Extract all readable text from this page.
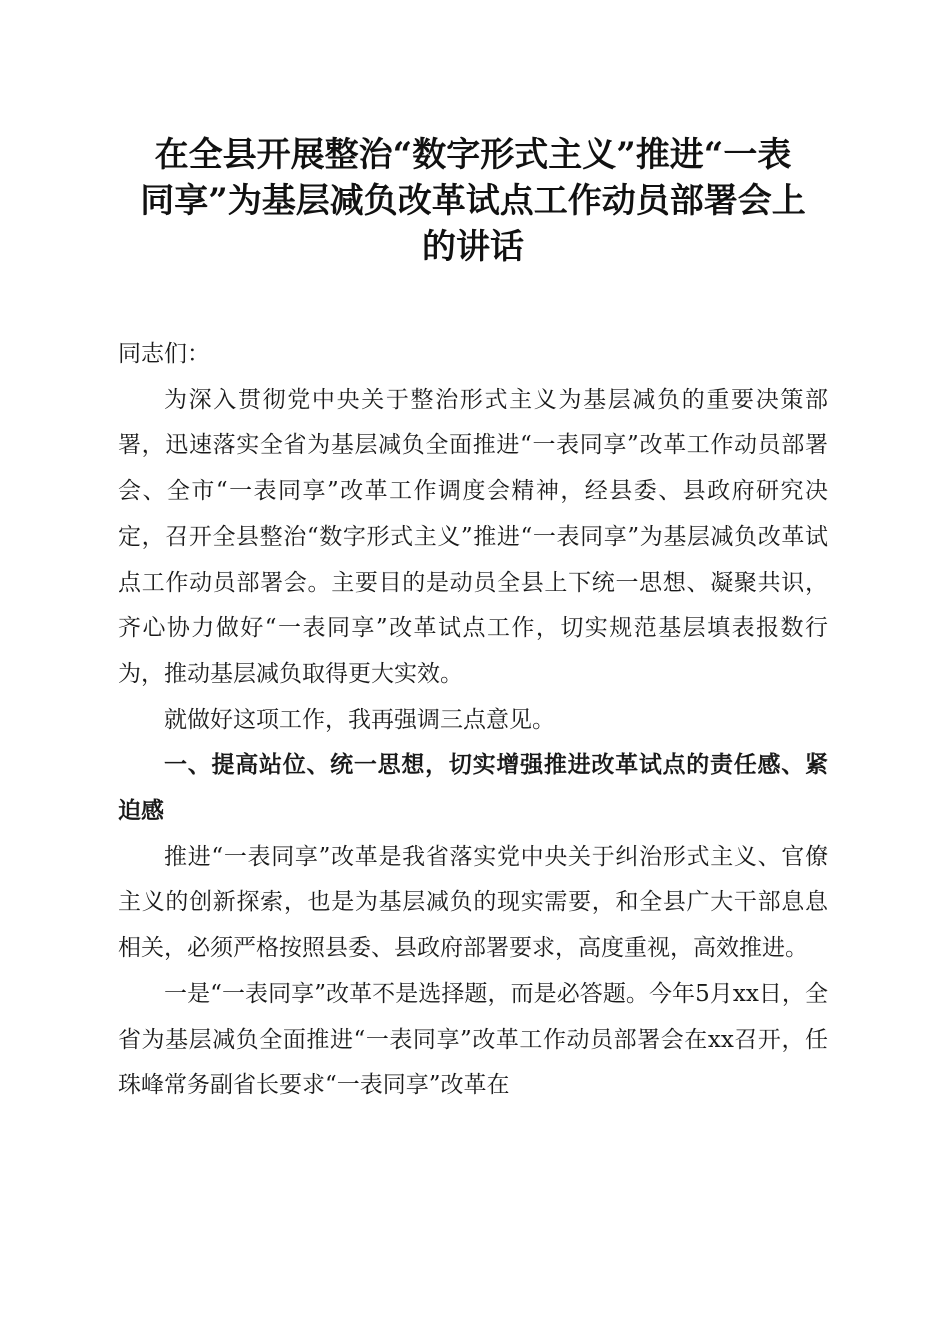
在全县开展整治“数字形式主义”推进“一表
同享”为基层减负改革试点工作动员部署会上
的讲话

同志们：

为深入贯彻党中央关于整治形式主义为基层减负的重要决策部署，迅速落实全省为基层减负全面推进“一表同享”改革工作动员部署会、全市“一表同享”改革工作调度会精神，经县委、县政府研究决定，召开全县整治“数字形式主义”推进“一表同享”为基层减负改革试点工作动员部署会。主要目的是动员全县上下统一思想、凝聚共识，齐心协力做好“一表同享”改革试点工作，切实规范基层填表报数行为，推动基层减负取得更大实效。

就做好这项工作，我再强调三点意见。

一、提高站位、统一思想，切实增强推进改革试点的责任感、紧迫感

推进“一表同享”改革是我省落实党中央关于纠治形式主义、官僚主义的创新探索，也是为基层减负的现实需要，和全县广大干部息息相关，必须严格按照县委、县政府部署要求，高度重视，高效推进。

一是“一表同享”改革不是选择题，而是必答题。今年5月xx日，全省为基层减负全面推进“一表同享”改革工作动员部署会在xx召开，任珠峰常务副省长要求“一表同享”改革在
